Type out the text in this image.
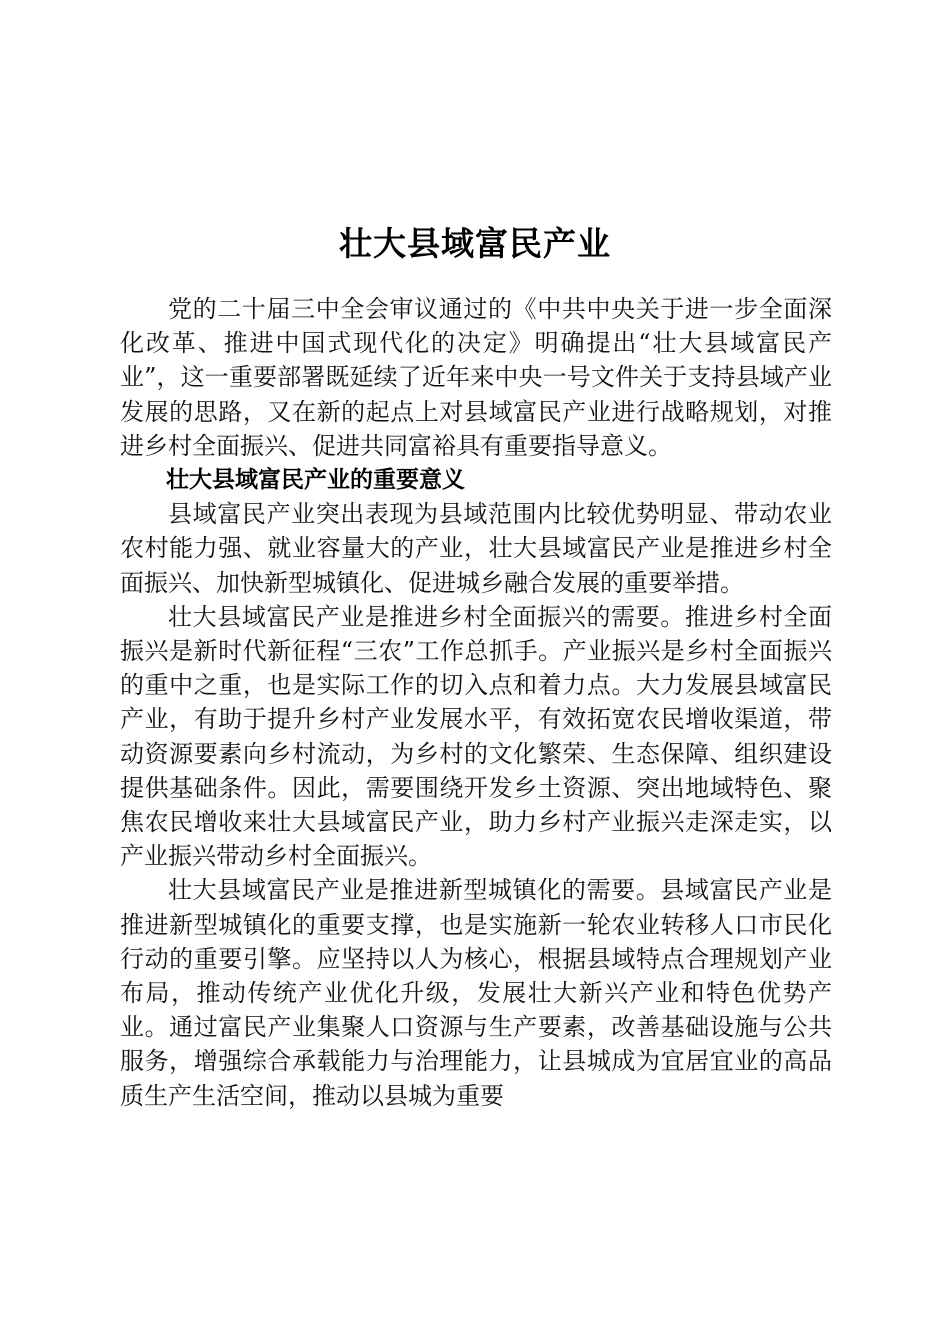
壮大县域富民产业

党的二十届三中全会审议通过的《中共中央关于进一步全面深化改革、推进中国式现代化的决定》明确提出“壮大县域富民产业”，这一重要部署既延续了近年来中央一号文件关于支持县域产业发展的思路，又在新的起点上对县域富民产业进行战略规划，对推进乡村全面振兴、促进共同富裕具有重要指导意义。

壮大县域富民产业的重要意义

县域富民产业突出表现为县域范围内比较优势明显、带动农业农村能力强、就业容量大的产业，壮大县域富民产业是推进乡村全面振兴、加快新型城镇化、促进城乡融合发展的重要举措。

壮大县域富民产业是推进乡村全面振兴的需要。推进乡村全面振兴是新时代新征程“三农”工作总抓手。产业振兴是乡村全面振兴的重中之重，也是实际工作的切入点和着力点。大力发展县域富民产业，有助于提升乡村产业发展水平，有效拓宽农民增收渠道，带动资源要素向乡村流动，为乡村的文化繁荣、生态保障、组织建设提供基础条件。因此，需要围绕开发乡土资源、突出地域特色、聚焦农民增收来壮大县域富民产业，助力乡村产业振兴走深走实，以产业振兴带动乡村全面振兴。

壮大县域富民产业是推进新型城镇化的需要。县域富民产业是推进新型城镇化的重要支撑，也是实施新一轮农业转移人口市民化行动的重要引擎。应坚持以人为核心，根据县域特点合理规划产业布局，推动传统产业优化升级，发展壮大新兴产业和特色优势产业。通过富民产业集聚人口资源与生产要素，改善基础设施与公共服务，增强综合承载能力与治理能力，让县城成为宜居宜业的高品质生产生活空间，推动以县城为重要
